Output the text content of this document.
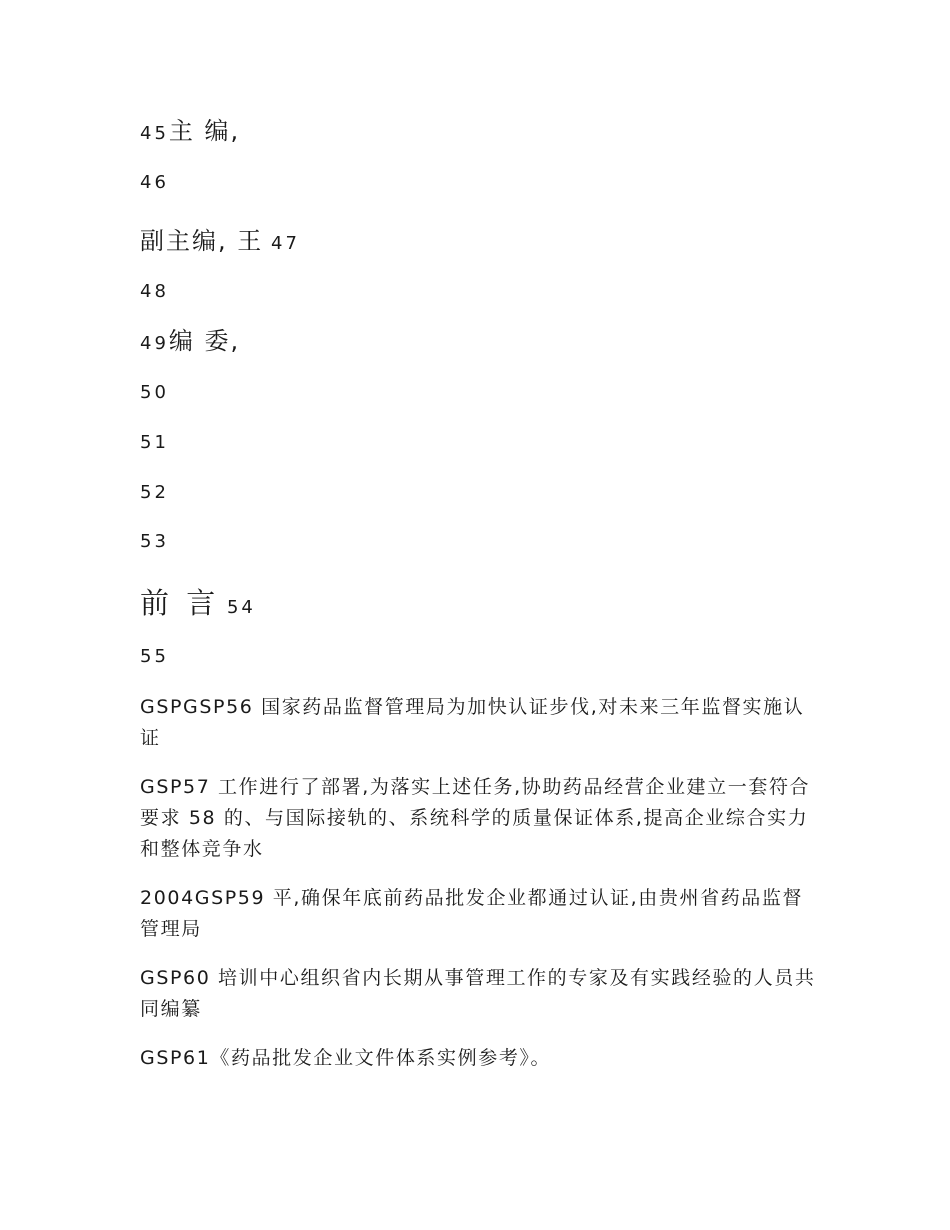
45主 编,
46
副主编, 王 47
48
49编 委,
50
51
52
53
前 言 54
55
GSPGSP56 国家药品监督管理局为加快认证步伐,对未来三年监督实施认证
GSP57 工作进行了部署,为落实上述任务,协助药品经营企业建立一套符合要求 58 的、与国际接轨的、系统科学的质量保证体系,提高企业综合实力和整体竞争水
2004GSP59 平,确保年底前药品批发企业都通过认证,由贵州省药品监督管理局
GSP60 培训中心组织省内长期从事管理工作的专家及有实践经验的人员共同编纂
GSP61《药品批发企业文件体系实例参考》。
